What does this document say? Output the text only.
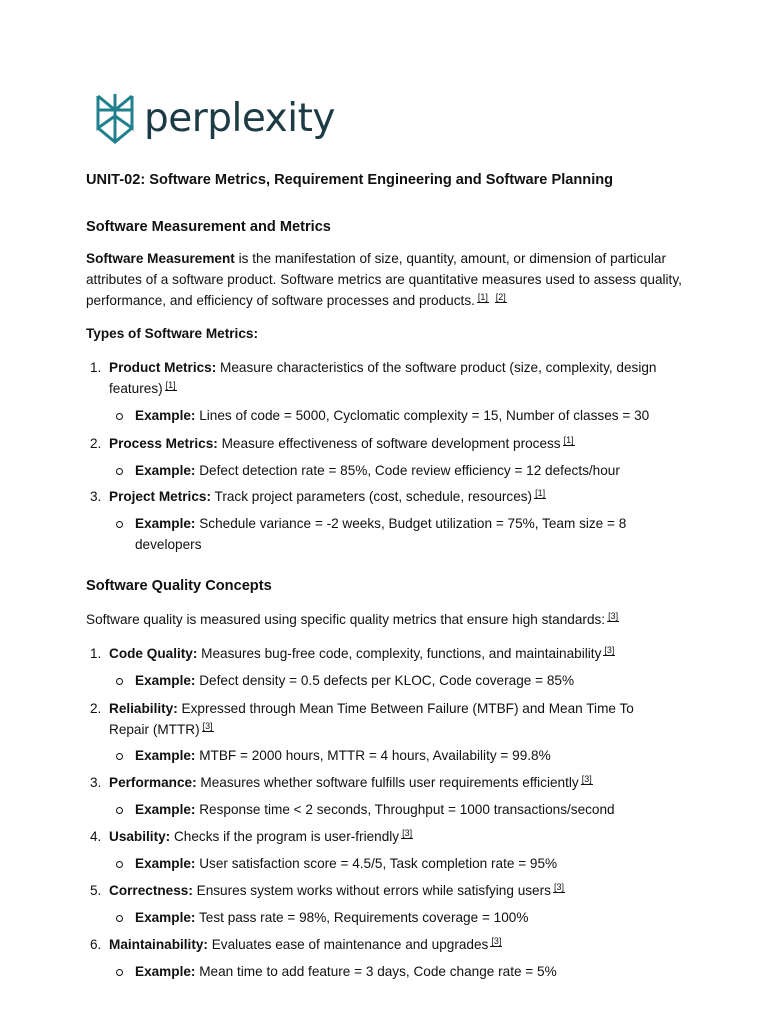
perplexity
UNIT-02: Software Metrics, Requirement Engineering and Software Planning
Software Measurement and Metrics
Software Measurement is the manifestation of size, quantity, amount, or dimension of particular attributes of a software product. Software metrics are quantitative measures used to assess quality, performance, and efficiency of software processes and products. [1] [2]
Types of Software Metrics:
1. Product Metrics: Measure characteristics of the software product (size, complexity, design features) [1]
Example: Lines of code = 5000, Cyclomatic complexity = 15, Number of classes = 30
2. Process Metrics: Measure effectiveness of software development process [1]
Example: Defect detection rate = 85%, Code review efficiency = 12 defects/hour
3. Project Metrics: Track project parameters (cost, schedule, resources) [1]
Example: Schedule variance = -2 weeks, Budget utilization = 75%, Team size = 8 developers
Software Quality Concepts
Software quality is measured using specific quality metrics that ensure high standards: [3]
1. Code Quality: Measures bug-free code, complexity, functions, and maintainability [3]
Example: Defect density = 0.5 defects per KLOC, Code coverage = 85%
2. Reliability: Expressed through Mean Time Between Failure (MTBF) and Mean Time To Repair (MTTR) [3]
Example: MTBF = 2000 hours, MTTR = 4 hours, Availability = 99.8%
3. Performance: Measures whether software fulfills user requirements efficiently [3]
Example: Response time < 2 seconds, Throughput = 1000 transactions/second
4. Usability: Checks if the program is user-friendly [3]
Example: User satisfaction score = 4.5/5, Task completion rate = 95%
5. Correctness: Ensures system works without errors while satisfying users [3]
Example: Test pass rate = 98%, Requirements coverage = 100%
6. Maintainability: Evaluates ease of maintenance and upgrades [3]
Example: Mean time to add feature = 3 days, Code change rate = 5%
